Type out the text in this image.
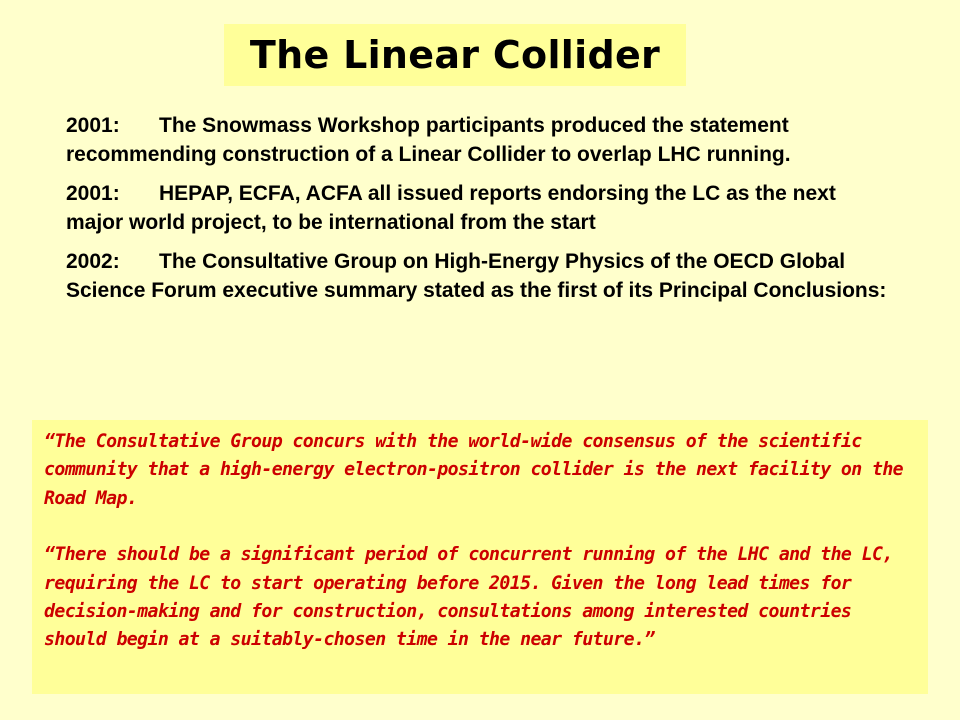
The Linear Collider

2001: The Snowmass Workshop participants produced the statement recommending construction of a Linear Collider to overlap LHC running.

2001: HEPAP, ECFA, ACFA all issued reports endorsing the LC as the next major world project, to be international from the start

2002: The Consultative Group on High-Energy Physics of the OECD Global Science Forum executive summary stated as the first of its Principal Conclusions:

“The Consultative Group concurs with the world-wide consensus of the scientific community that a high-energy electron-positron collider is the next facility on the Road Map.

“There should be a significant period of concurrent running of the LHC and the LC, requiring the LC to start operating before 2015. Given the long lead times for decision-making and for construction, consultations among interested countries should begin at a suitably-chosen time in the near future.”
